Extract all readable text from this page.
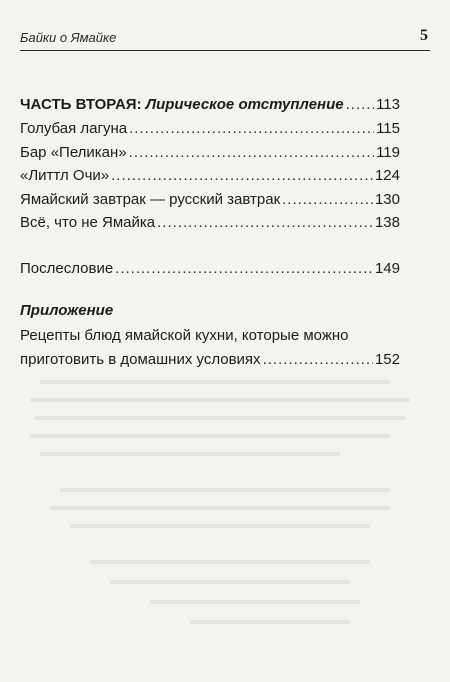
Байки о Ямайке	5
ЧАСТЬ ВТОРАЯ: Лирическое отступление ..... 113
Голубая лагуна .....	115
Бар «Пеликан» .....	119
«Литтл Очи» .....	124
Ямайский завтрак — русский завтрак .....	130
Всё, что не Ямайка .....	138
Послесловие .....	149
Приложение
Рецепты блюд ямайской кухни, которые можно
приготовить в домашних условиях .....	152
